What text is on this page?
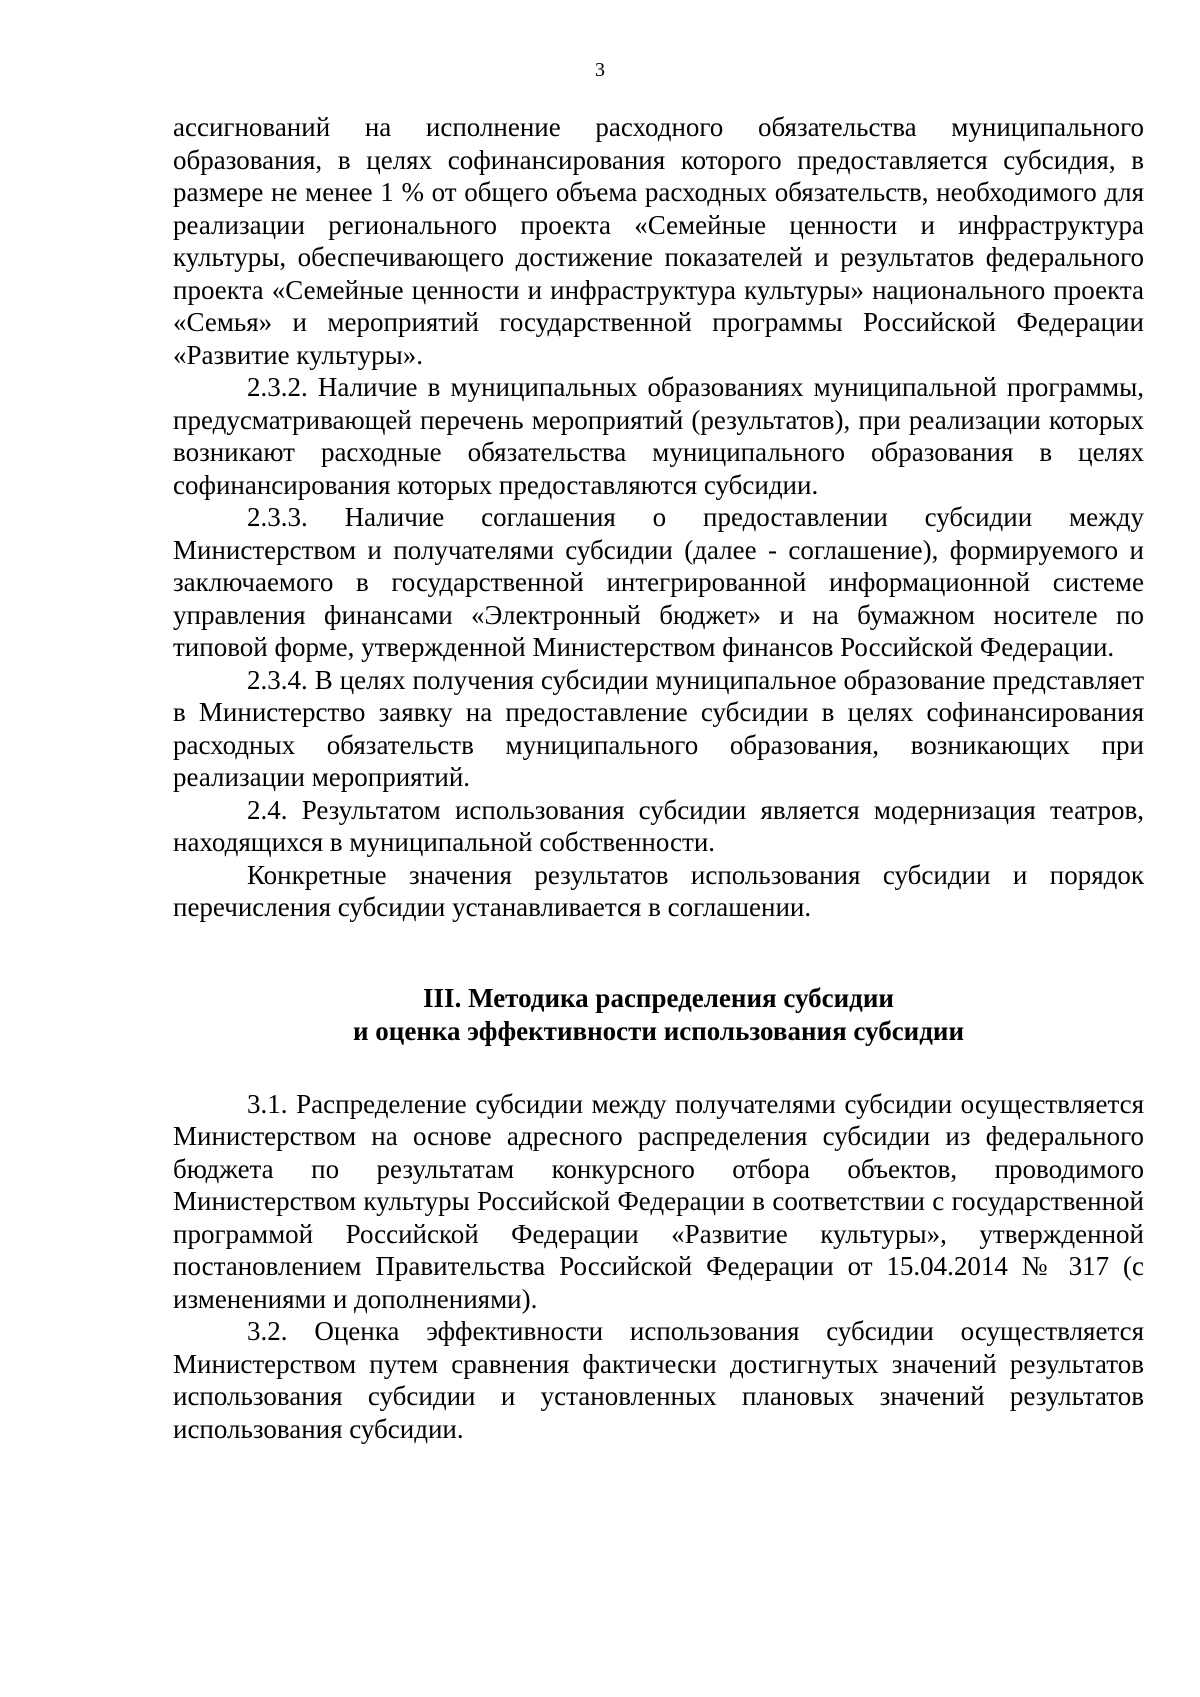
3

ассигнований на исполнение расходного обязательства муниципального образования, в целях софинансирования которого предоставляется субсидия, в размере не менее 1 % от общего объема расходных обязательств, необходимого для реализации регионального проекта «Семейные ценности и инфраструктура культуры, обеспечивающего достижение показателей и результатов федерального проекта «Семейные ценности и инфраструктура культуры» национального проекта «Семья» и мероприятий государственной программы Российской Федерации «Развитие культуры».

2.3.2. Наличие в муниципальных образованиях муниципальной программы, предусматривающей перечень мероприятий (результатов), при реализации которых возникают расходные обязательства муниципального образования в целях софинансирования которых предоставляются субсидии.

2.3.3. Наличие соглашения о предоставлении субсидии между Министерством и получателями субсидии (далее - соглашение), формируемого и заключаемого в государственной интегрированной информационной системе управления финансами «Электронный бюджет» и на бумажном носителе по типовой форме, утвержденной Министерством финансов Российской Федерации.

2.3.4. В целях получения субсидии муниципальное образование представляет в Министерство заявку на предоставление субсидии в целях софинансирования расходных обязательств муниципального образования, возникающих при реализации мероприятий.

2.4. Результатом использования субсидии является модернизация театров, находящихся в муниципальной собственности.

Конкретные значения результатов использования субсидии и порядок перечисления субсидии устанавливается в соглашении.

III. Методика распределения субсидии
и оценка эффективности использования субсидии

3.1. Распределение субсидии между получателями субсидии осуществляется Министерством на основе адресного распределения субсидии из федерального бюджета по результатам конкурсного отбора объектов, проводимого Министерством культуры Российской Федерации в соответствии с государственной программой Российской Федерации «Развитие культуры», утвержденной постановлением Правительства Российской Федерации от 15.04.2014 № 317 (с изменениями и дополнениями).

3.2. Оценка эффективности использования субсидии осуществляется Министерством путем сравнения фактически достигнутых значений результатов использования субсидии и установленных плановых значений результатов использования субсидии.
